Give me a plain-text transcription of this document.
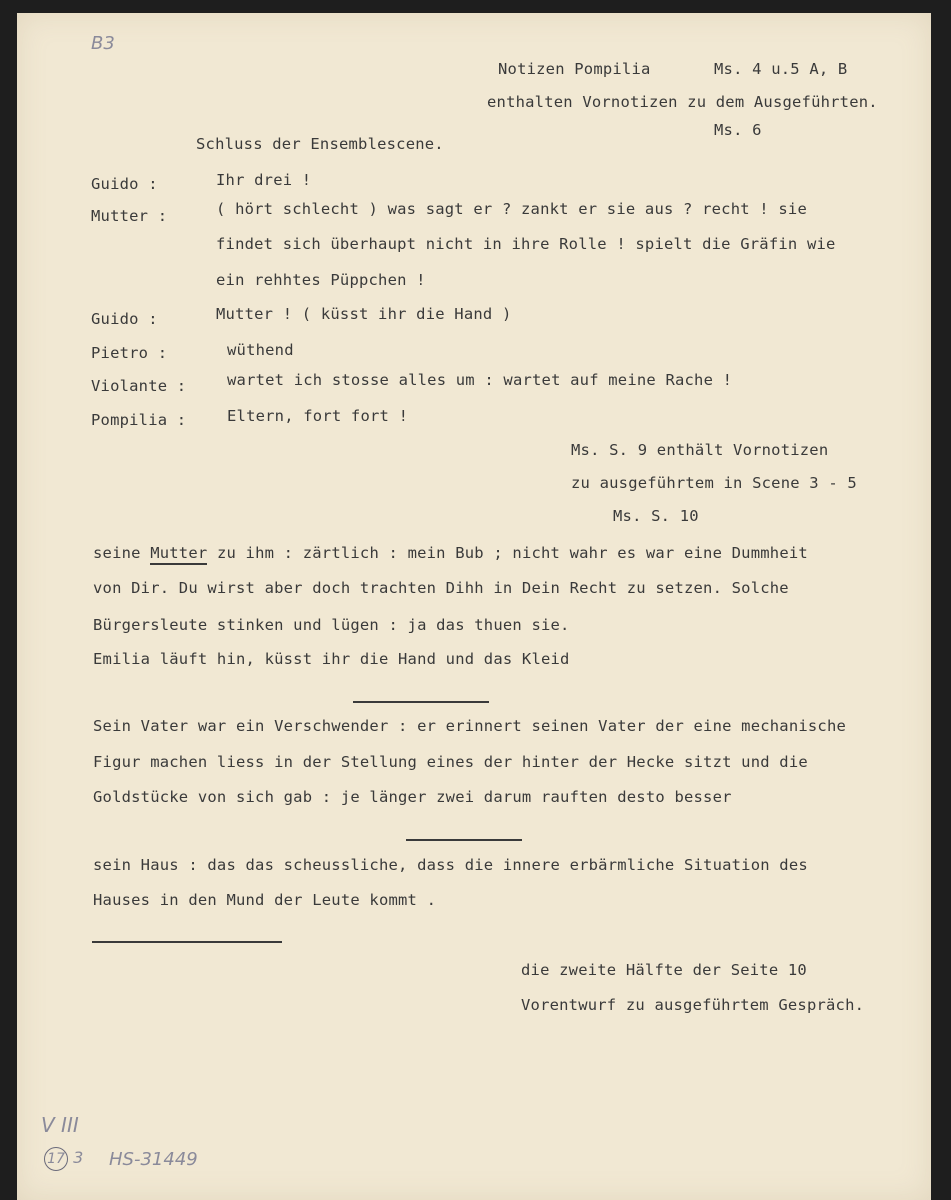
B3
Notizen Pompilia	Ms. 4 u.5 A, B
enthalten Vornotizen zu dem Ausgeführten.
Ms. 6
Schluss der Ensemblescene.
Guido :	Ihr drei !
Mutter :	( hört schlecht ) was sagt er ? zankt er sie aus ? recht ! sie
findet sich überhaupt nicht in ihre Rolle ! spielt die Gräfin wie
ein rehhtes Püppchen !
Guido :	Mutter ! ( küsst ihr die Hand )
Pietro :	wüthend
Violante :	wartet ich stosse alles um : wartet auf meine Rache !
Pompilia :	Eltern, fort fort !
Ms. S. 9 enthält Vornotizen
zu ausgeführtem in Scene 3 - 5
Ms. S. 10
seine Mutter zu ihm : zärtlich : mein Bub ; nicht wahr es war eine Dummheit
von Dir. Du wirst aber doch trachten Dihh in Dein Recht zu setzen. Solche
Bürgersleute stinken und lügen : ja das thuen sie.
Emilia läuft hin, küsst ihr die Hand und das Kleid
Sein Vater war ein Verschwender : er erinnert seinen Vater der eine mechanische
Figur machen liess in der Stellung eines der hinter der Hecke sitzt und die
Goldstücke von sich gab : je länger zwei darum rauften desto besser
sein Haus : das das scheussliche, dass die innere erbärmliche Situation des
Hauses in den Mund der Leute kommt .
die zweite Hälfte der Seite 10
Vorentwurf zu ausgeführtem Gespräch.
V III
17 3 HS-31449
